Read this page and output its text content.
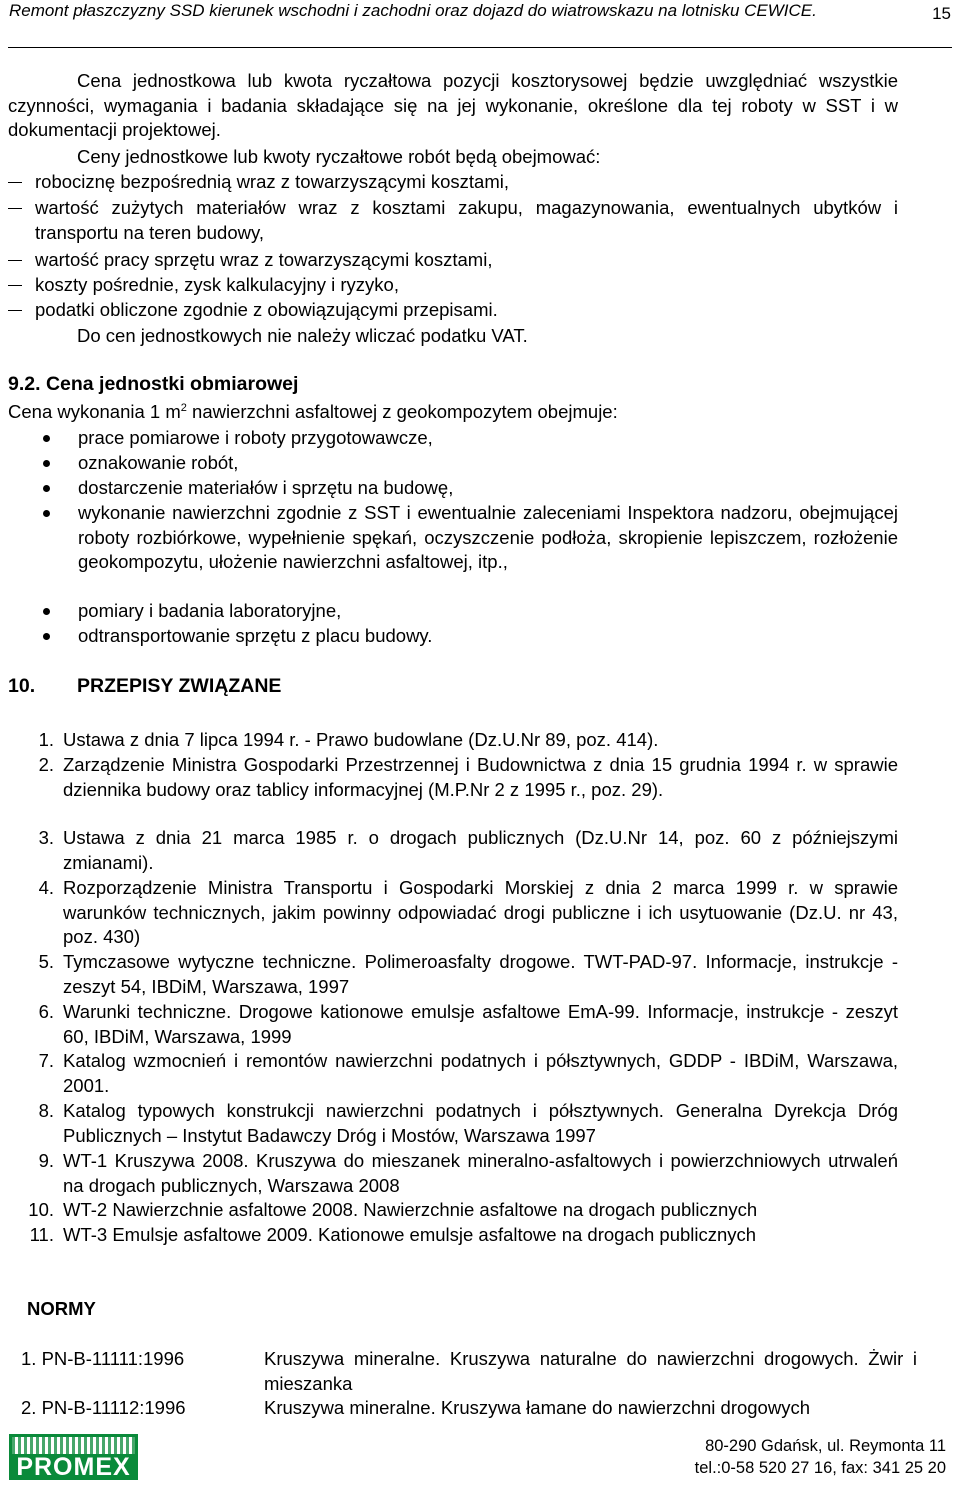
Remont płaszczyzny SSD kierunek wschodni i zachodni oraz dojazd do wiatrowskazu na lotnisku CEWICE.	15
Cena jednostkowa lub kwota ryczałtowa pozycji kosztorysowej będzie uwzględniać wszystkie czynności, wymagania i badania składające się na jej wykonanie, określone dla tej roboty w SST i w dokumentacji projektowej.
Ceny jednostkowe lub kwoty ryczałtowe robót będą obejmować:
robociznę bezpośrednią wraz z towarzyszącymi kosztami,
wartość zużytych materiałów wraz z kosztami zakupu, magazynowania, ewentualnych ubytków i transportu na teren budowy,
wartość pracy sprzętu wraz z towarzyszącymi kosztami,
koszty pośrednie, zysk kalkulacyjny i ryzyko,
podatki obliczone zgodnie z obowiązującymi przepisami.
Do cen jednostkowych nie należy wliczać podatku VAT.
9.2. Cena jednostki obmiarowej
Cena wykonania 1 $m^2$ nawierzchni asfaltowej z geokompozytem obejmuje:
prace pomiarowe i roboty przygotowawcze,
oznakowanie robót,
dostarczenie materiałów i sprzętu na budowę,
wykonanie nawierzchni zgodnie z SST i ewentualnie zaleceniami Inspektora nadzoru, obejmującej roboty rozbiórkowe, wypełnienie spękań, oczyszczenie podłoża, skropienie lepiszczem, rozłożenie geokompozytu, ułożenie nawierzchni asfaltowej, itp.,
pomiary i badania laboratoryjne,
odtransportowanie sprzętu z placu budowy.
10. PRZEPISY ZWIĄZANE
1. Ustawa z dnia 7 lipca 1994 r. - Prawo budowlane (Dz.U.Nr 89, poz. 414).
2. Zarządzenie Ministra Gospodarki Przestrzennej i Budownictwa z dnia 15 grudnia 1994 r. w sprawie dziennika budowy oraz tablicy informacyjnej (M.P.Nr 2 z 1995 r., poz. 29).
3. Ustawa z dnia 21 marca 1985 r. o drogach publicznych (Dz.U.Nr 14, poz. 60 z późniejszymi zmianami).
4. Rozporządzenie Ministra Transportu i Gospodarki Morskiej z dnia 2 marca 1999 r. w sprawie warunków technicznych, jakim powinny odpowiadać drogi publiczne i ich usytuowanie (Dz.U. nr 43, poz. 430)
5. Tymczasowe wytyczne techniczne. Polimeroasfalty drogowe. TWT-PAD-97. Informacje, instrukcje - zeszyt 54, IBDiM, Warszawa, 1997
6. Warunki techniczne. Drogowe kationowe emulsje asfaltowe EmA-99. Informacje, instrukcje - zeszyt 60, IBDiM, Warszawa, 1999
7. Katalog wzmocnień i remontów nawierzchni podatnych i półsztywnych, GDDP - IBDiM, Warszawa, 2001.
8. Katalog typowych konstrukcji nawierzchni podatnych i półsztywnych. Generalna Dyrekcja Dróg Publicznych – Instytut Badawczy Dróg i Mostów, Warszawa 1997
9. WT-1 Kruszywa 2008. Kruszywa do mieszanek mineralno-asfaltowych i powierzchniowych utrwaleń na drogach publicznych, Warszawa 2008
10. WT-2 Nawierzchnie asfaltowe 2008. Nawierzchnie asfaltowe na drogach publicznych
11. WT-3 Emulsje asfaltowe 2009. Kationowe emulsje asfaltowe na drogach publicznych
NORMY
1. PN-B-11111:1996	Kruszywa mineralne. Kruszywa naturalne do nawierzchni drogowych. Żwir i mieszanka
2. PN-B-11112:1996	Kruszywa mineralne. Kruszywa łamane do nawierzchni drogowych
PROMEX
80-290 Gdańsk, ul. Reymonta 11
tel.:0-58 520 27 16, fax: 341 25 20
